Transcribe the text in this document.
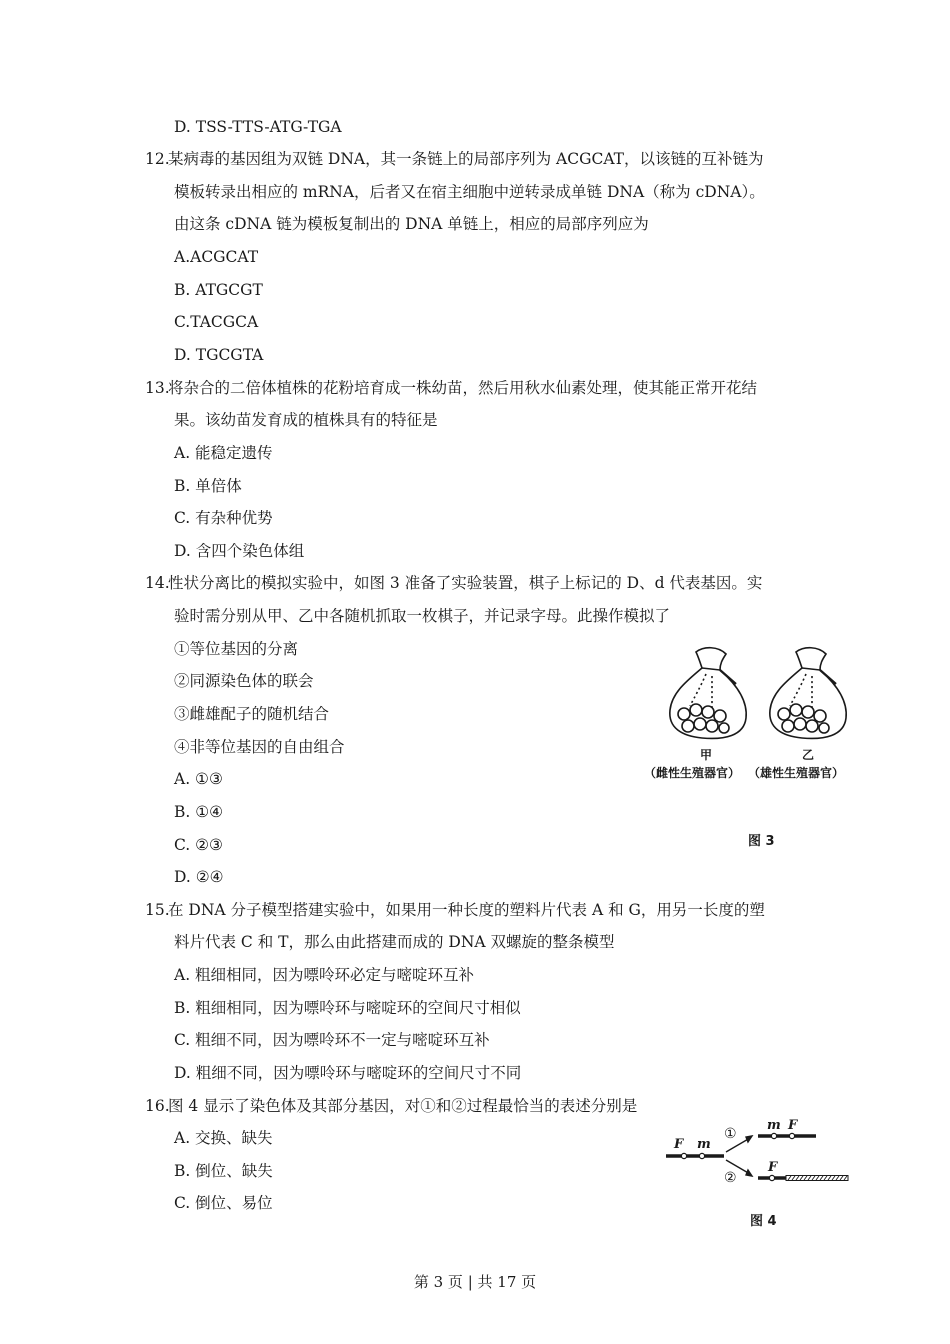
D. TSS-TTS-ATG-TGA
12.
某病毒的基因组为双链 DNA，其一条链上的局部序列为 ACGCAT，以该链的互补链为
模板转录出相应的 mRNA，后者又在宿主细胞中逆转录成单链 DNA（称为 cDNA）。
由这条 cDNA 链为模板复制出的 DNA 单链上，相应的局部序列应为
A.ACGCAT
B. ATGCGT
C.TACGCA
D. TGCGTA
13.
将杂合的二倍体植株的花粉培育成一株幼苗，然后用秋水仙素处理，使其能正常开花结
果。该幼苗发育成的植株具有的特征是
A. 能稳定遗传
B. 单倍体
C. 有杂种优势
D. 含四个染色体组
14.
性状分离比的模拟实验中，如图 3 准备了实验装置，棋子上标记的 D、d 代表基因。实
验时需分别从甲、乙中各随机抓取一枚棋子，并记录字母。此操作模拟了
①等位基因的分离
②同源染色体的联会
③雌雄配子的随机结合
④非等位基因的自由组合
A. ①③
B. ①④
C. ②③
D. ②④
甲
（雌性生殖器官）
乙
（雄性生殖器官）
图 3
15.
在 DNA 分子模型搭建实验中，如果用一种长度的塑料片代表 A 和 G，用另一长度的塑
料片代表 C 和 T，那么由此搭建而成的 DNA 双螺旋的整条模型
A. 粗细相同，因为嘌呤环必定与嘧啶环互补
B. 粗细相同，因为嘌呤环与嘧啶环的空间尺寸相似
C. 粗细不同，因为嘌呤环不一定与嘧啶环互补
D. 粗细不同，因为嘌呤环与嘧啶环的空间尺寸不同
16.
图 4 显示了染色体及其部分基因，对①和②过程最恰当的表述分别是
A. 交换、缺失
B. 倒位、缺失
C. 倒位、易位
F m
①
②
m F
F
图 4
第 3 页 | 共 17 页
